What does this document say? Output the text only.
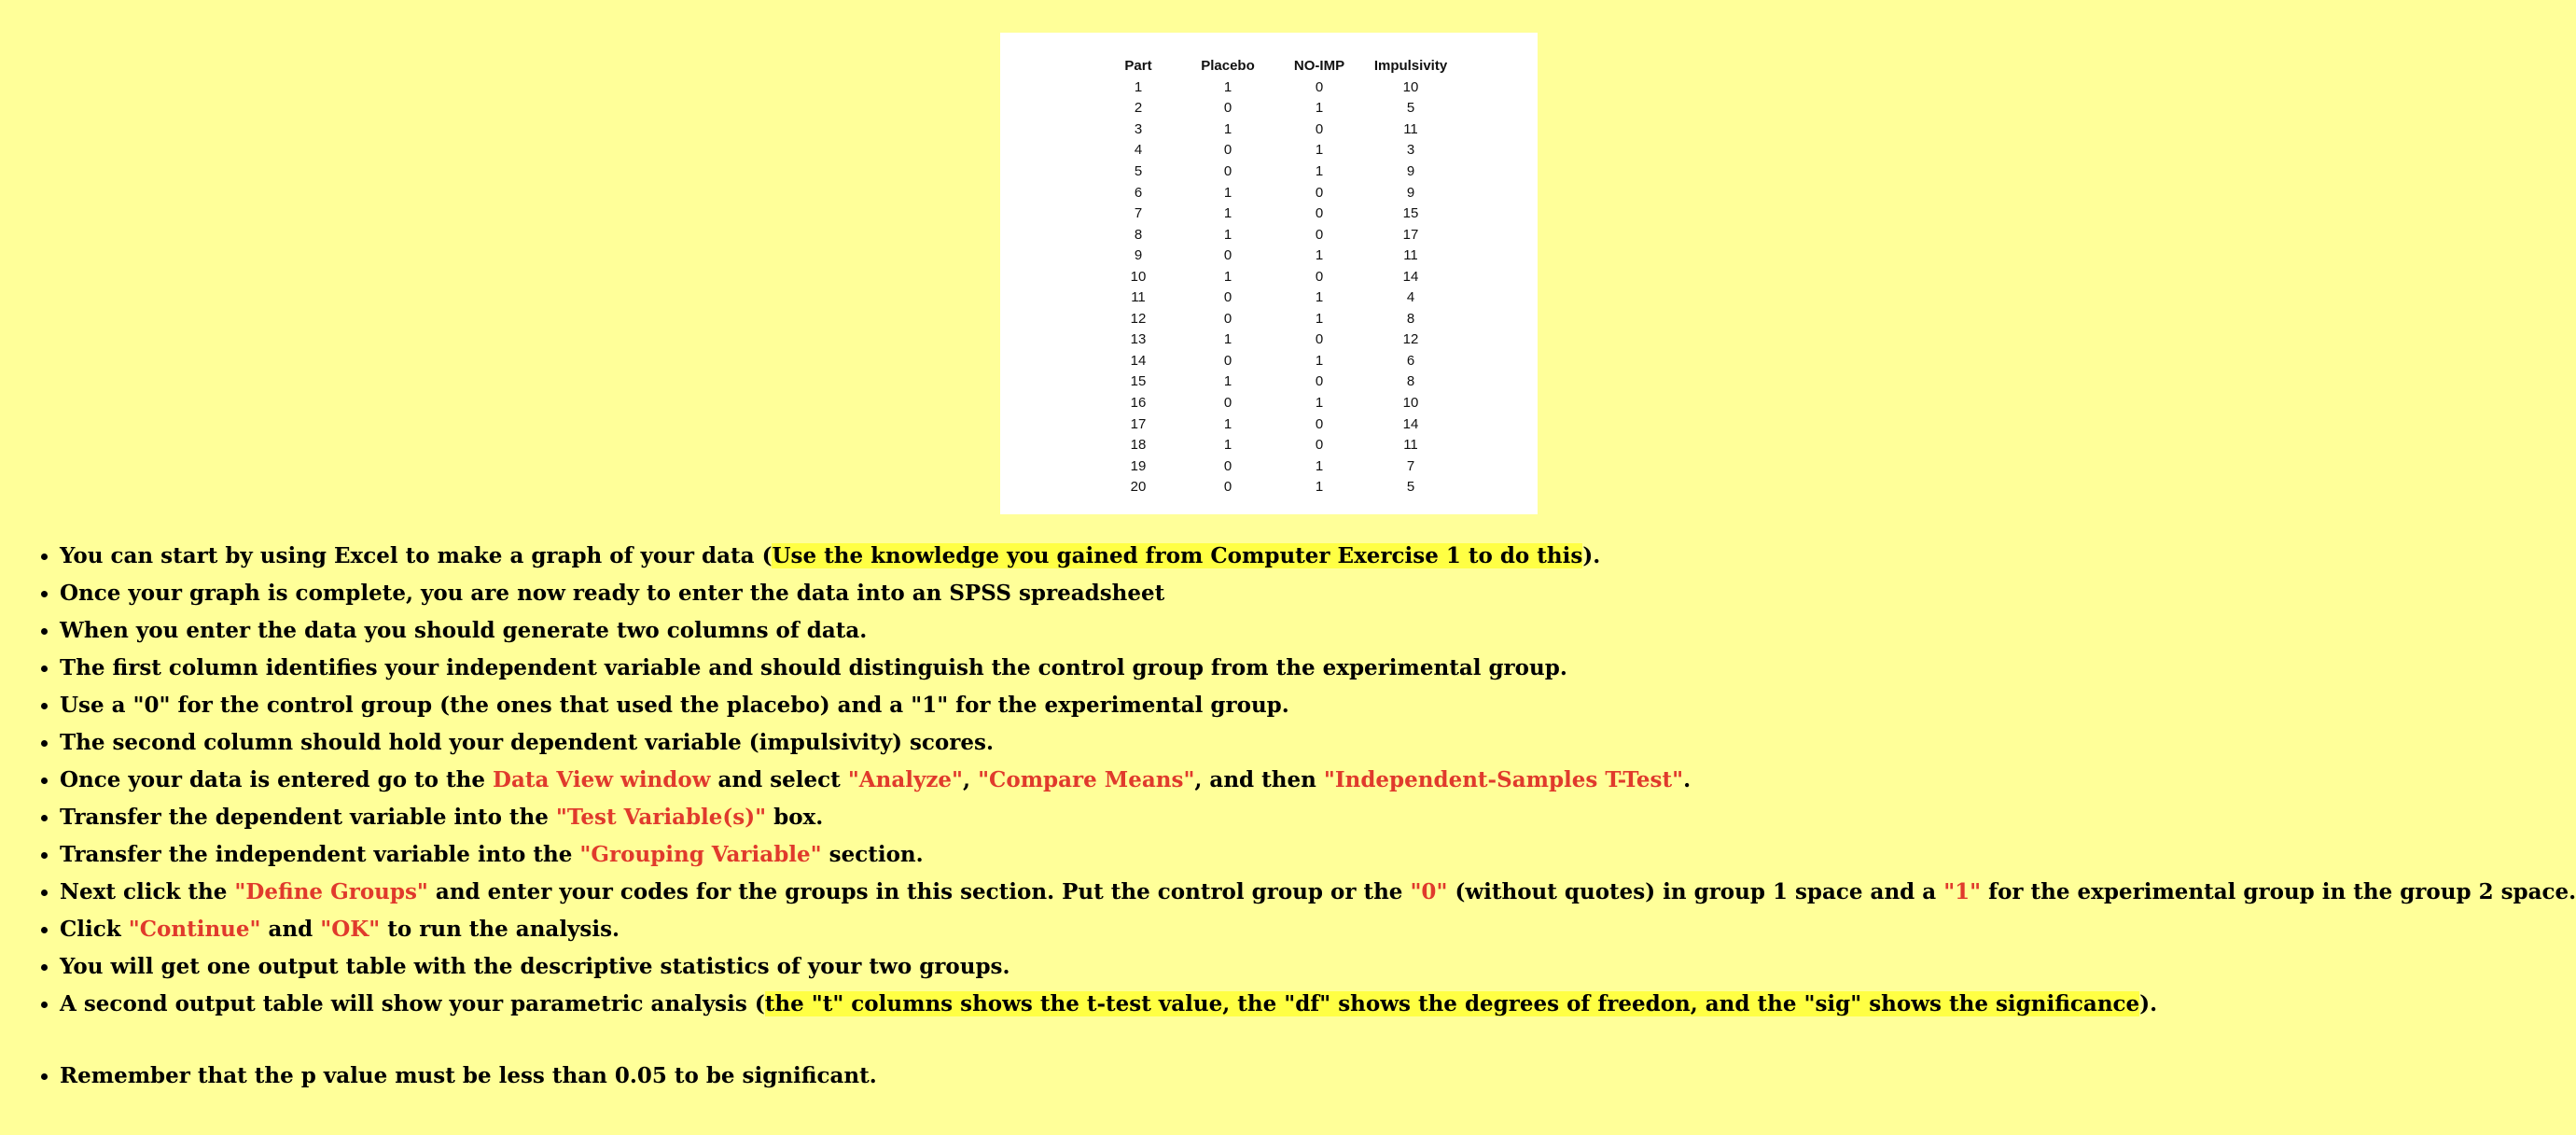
Part	Placebo	NO-IMP	Impulsivity
1	1	0	10
2	0	1	5
3	1	0	11
4	0	1	3
5	0	1	9
6	1	0	9
7	1	0	15
8	1	0	17
9	0	1	11
10	1	0	14
11	0	1	4
12	0	1	8
13	1	0	12
14	0	1	6
15	1	0	8
16	0	1	10
17	1	0	14
18	1	0	11
19	0	1	7
20	0	1	5
You can start by using Excel to make a graph of your data (Use the knowledge you gained from Computer Exercise 1 to do this).
Once your graph is complete, you are now ready to enter the data into an SPSS spreadsheet
When you enter the data you should generate two columns of data.
The first column identifies your independent variable and should distinguish the control group from the experimental group.
Use a "0" for the control group (the ones that used the placebo) and a "1" for the experimental group.
The second column should hold your dependent variable (impulsivity) scores.
Once your data is entered go to the Data View window and select "Analyze", "Compare Means", and then "Independent-Samples T-Test".
Transfer the dependent variable into the "Test Variable(s)" box.
Transfer the independent variable into the "Grouping Variable" section.
Next click the "Define Groups" and enter your codes for the groups in this section. Put the control group or the "0" (without quotes) in group 1 space and a "1" for the experimental group in the group 2 space.
Click "Continue" and "OK" to run the analysis.
You will get one output table with the descriptive statistics of your two groups.
A second output table will show your parametric analysis (the "t" columns shows the t-test value, the "df" shows the degrees of freedon, and the "sig" shows the significance).
Remember that the p value must be less than 0.05 to be significant.
